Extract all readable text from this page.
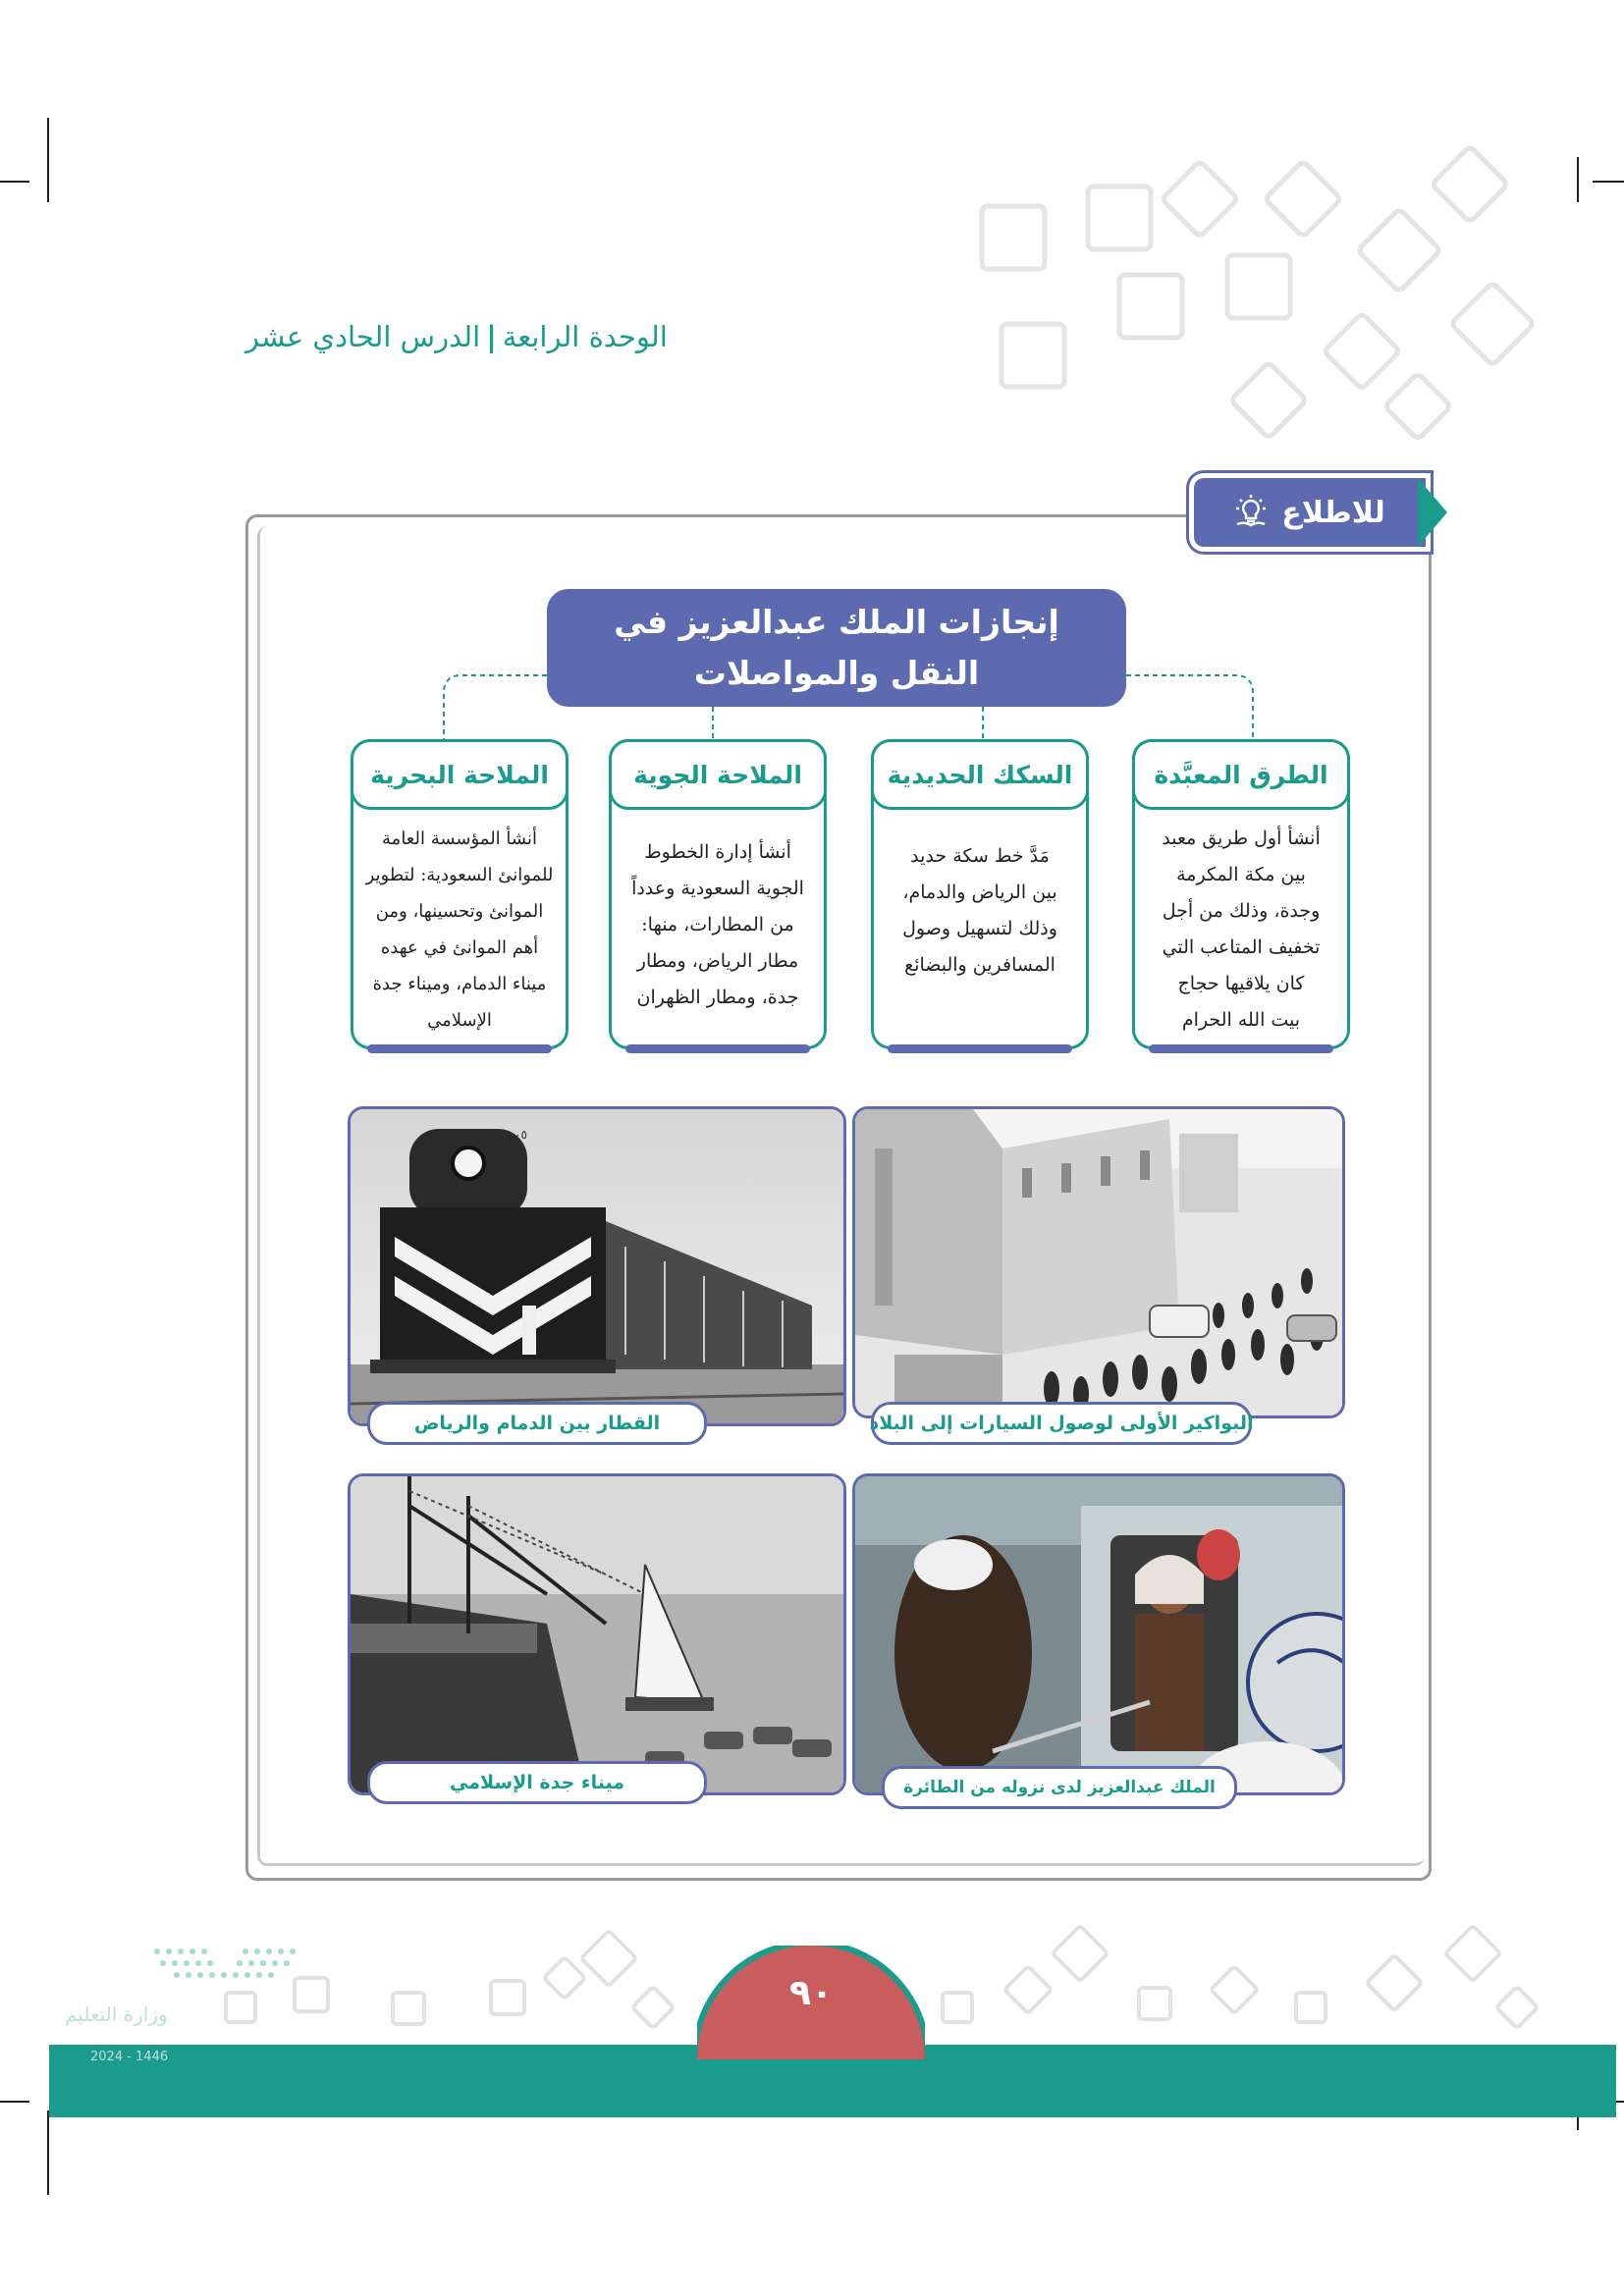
الوحدة الرابعة|الدرس الحادي عشر
للاطلاع
إنجازات الملك عبدالعزيز في
النقل والمواصلات
الطرق المعبَّدة
أنشأ أول طريق معبد
بين مكة المكرمة
وجدة، وذلك من أجل
تخفيف المتاعب التي
كان يلاقيها حجاج
بيت الله الحرام
السكك الحديدية
مَدَّ خط سكة حديد
بين الرياض والدمام،
وذلك لتسهيل وصول
المسافرين والبضائع
الملاحة الجوية
أنشأ إدارة الخطوط
الجوية السعودية وعدداً
من المطارات، منها:
مطار الرياض، ومطار
جدة، ومطار الظهران
الملاحة البحرية
أنشأ المؤسسة العامة
للموانئ السعودية: لتطوير
الموانئ وتحسينها، ومن
أهم الموانئ في عهده
ميناء الدمام، وميناء جدة
الإسلامي
١٠٠٥
القطار بين الدمام والرياض	البواكير الأولى لوصول السيارات إلى البلاد
ميناء جدة الإسلامي	الملك عبدالعزيز لدى نزوله من الطائرة
وزارة التعليم
2024 - 1446
٩٠
